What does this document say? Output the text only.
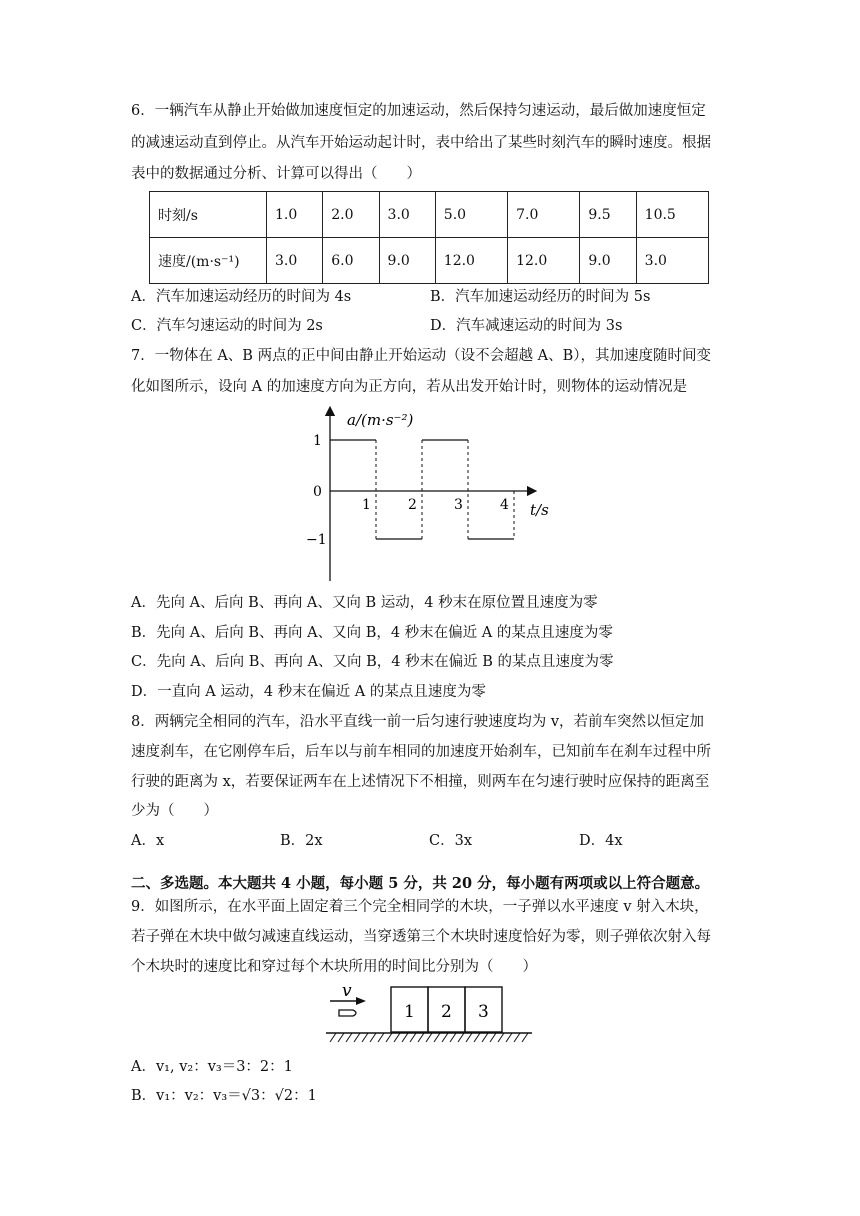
6．一辆汽车从静止开始做加速度恒定的加速运动，然后保持匀速运动，最后做加速度恒定
的减速运动直到停止。从汽车开始运动起计时，表中给出了某些时刻汽车的瞬时速度。根据
表中的数据通过分析、计算可以得出（　　）
时刻/s	1.0	2.0	3.0	5.0	7.0	9.5	10.5
速度/(m·s⁻¹)	3.0	6.0	9.0	12.0	12.0	9.0	3.0
A．汽车加速运动经历的时间为 4s	B．汽车加速运动经历的时间为 5s
C．汽车匀速运动的时间为 2s	D．汽车减速运动的时间为 3s
7．一物体在 A、B 两点的正中间由静止开始运动（设不会超越 A、B），其加速度随时间变
化如图所示，设向 A 的加速度方向为正方向，若从出发开始计时，则物体的运动情况是
a/(m·s⁻²)
t/s
1
0
−1
1	2	3	4
A．先向 A、后向 B、再向 A、又向 B 运动，4 秒末在原位置且速度为零
B．先向 A、后向 B、再向 A、又向 B，4 秒末在偏近 A 的某点且速度为零
C．先向 A、后向 B、再向 A、又向 B，4 秒末在偏近 B 的某点且速度为零
D．一直向 A 运动，4 秒末在偏近 A 的某点且速度为零
8．两辆完全相同的汽车，沿水平直线一前一后匀速行驶速度均为 v，若前车突然以恒定加
速度刹车，在它刚停车后，后车以与前车相同的加速度开始刹车，已知前车在刹车过程中所
行驶的距离为 x，若要保证两车在上述情况下不相撞，则两车在匀速行驶时应保持的距离至
少为（　　）
A．x	B．2x	C．3x	D．4x
二、多选题。本大题共 4 小题，每小题 5 分，共 20 分，每小题有两项或以上符合题意。
9．如图所示，在水平面上固定着三个完全相同学的木块，一子弹以水平速度 v 射入木块，
若子弹在木块中做匀减速直线运动，当穿透第三个木块时速度恰好为零，则子弹依次射入每
个木块时的速度比和穿过每个木块所用的时间比分别为（　　）
v
1 2 3
A．v₁, v₂：v₃＝3：2：1
B．v₁：v₂：v₃＝√3：√2：1
